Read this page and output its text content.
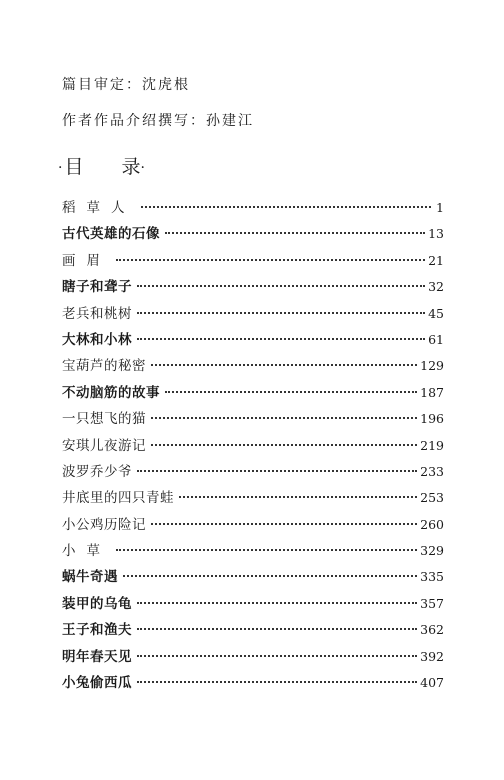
篇目审定：沈虎根
作者作品介绍撰写：孙建江
· 目 录·
稻草人	1
古代英雄的石像	13
画眉	21
瞎子和聋子	32
老兵和桃树	45
大林和小林	61
宝葫芦的秘密	129
不动脑筋的故事	187
一只想飞的猫	196
安琪儿夜游记	219
波罗乔少爷	233
井底里的四只青蛙	253
小公鸡历险记	260
小草	329
蜗牛奇遇	335
装甲的乌龟	357
王子和渔夫	362
明年春天见	392
小兔偷西瓜	407
